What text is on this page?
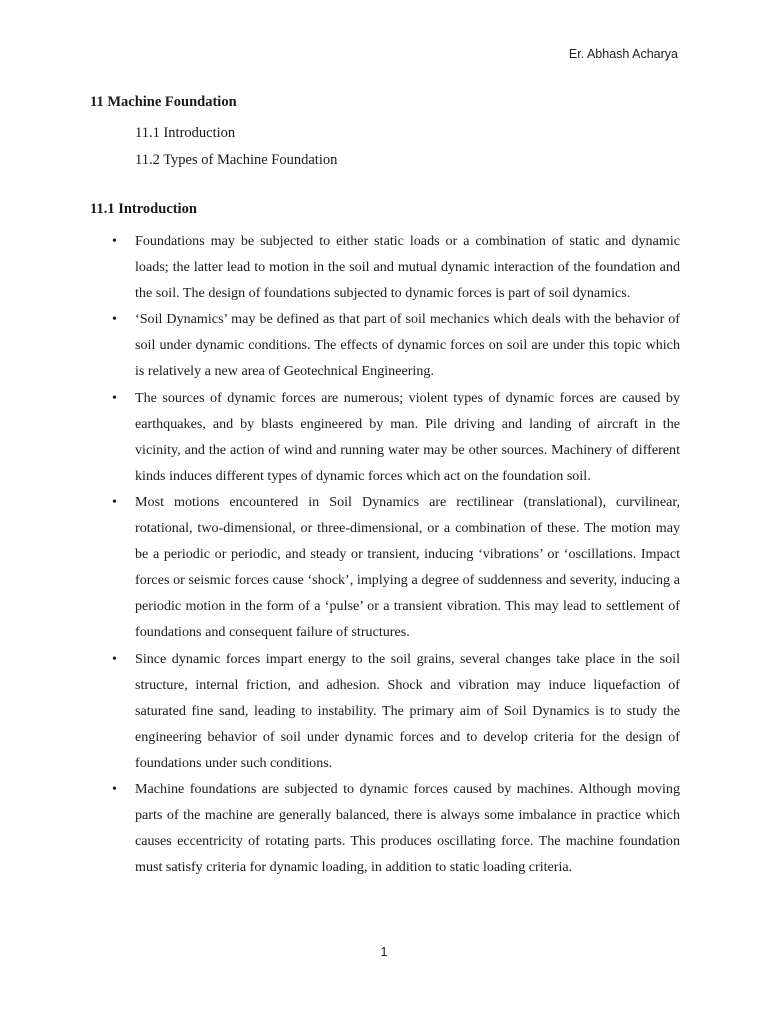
Er. Abhash Acharya
11 Machine Foundation
11.1 Introduction
11.2 Types of Machine Foundation
11.1 Introduction
•	Foundations may be subjected to either static loads or a combination of static and dynamic loads; the latter lead to motion in the soil and mutual dynamic interaction of the foundation and the soil. The design of foundations subjected to dynamic forces is part of soil dynamics.
•	‘Soil Dynamics’ may be defined as that part of soil mechanics which deals with the behavior of soil under dynamic conditions. The effects of dynamic forces on soil are under this topic which is relatively a new area of Geotechnical Engineering.
•	The sources of dynamic forces are numerous; violent types of dynamic forces are caused by earthquakes, and by blasts engineered by man. Pile driving and landing of aircraft in the vicinity, and the action of wind and running water may be other sources. Machinery of different kinds induces different types of dynamic forces which act on the foundation soil.
•	Most motions encountered in Soil Dynamics are rectilinear (translational), curvilinear, rotational, two-dimensional, or three-dimensional, or a combination of these. The motion may be a periodic or periodic, and steady or transient, inducing ‘vibrations’ or ‘oscillations. Impact forces or seismic forces cause ‘shock’, implying a degree of suddenness and severity, inducing a periodic motion in the form of a ‘pulse’ or a transient vibration. This may lead to settlement of foundations and consequent failure of structures.
•	Since dynamic forces impart energy to the soil grains, several changes take place in the soil structure, internal friction, and adhesion. Shock and vibration may induce liquefaction of saturated fine sand, leading to instability. The primary aim of Soil Dynamics is to study the engineering behavior of soil under dynamic forces and to develop criteria for the design of foundations under such conditions.
•	Machine foundations are subjected to dynamic forces caused by machines. Although moving parts of the machine are generally balanced, there is always some imbalance in practice which causes eccentricity of rotating parts. This produces oscillating force. The machine foundation must satisfy criteria for dynamic loading, in addition to static loading criteria.
1
